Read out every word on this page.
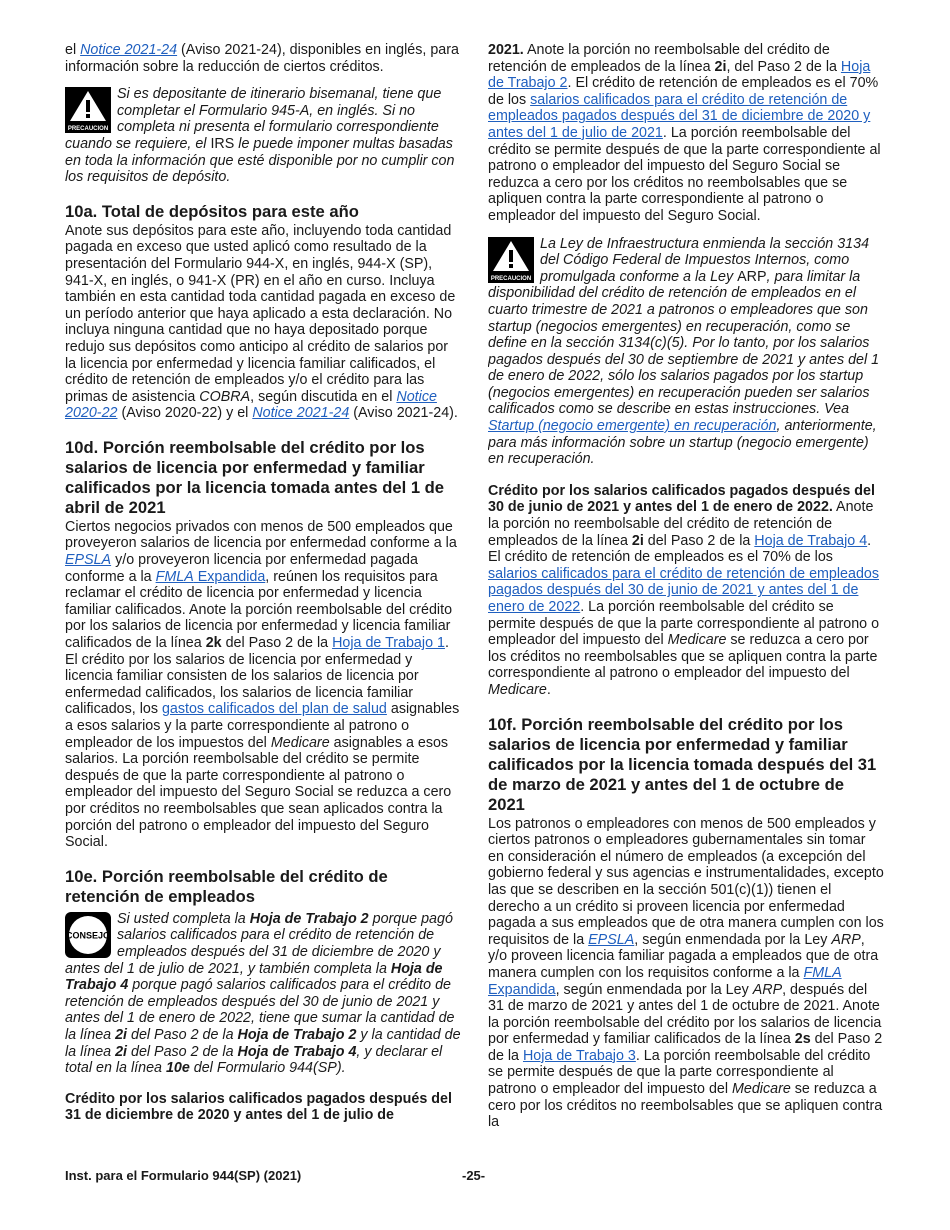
el Notice 2021-24 (Aviso 2021-24), disponibles en inglés, para información sobre la reducción de ciertos créditos.

PRECAUCION

Si es depositante de itinerario bisemanal, tiene que completar el Formulario 945-A, en inglés. Si no completa ni presenta el formulario correspondiente cuando se requiere, el IRS le puede imponer multas basadas en toda la información que esté disponible por no cumplir con los requisitos de depósito.

10a. Total de depósitos para este año

Anote sus depósitos para este año, incluyendo toda cantidad pagada en exceso que usted aplicó como resultado de la presentación del Formulario 944-X, en inglés, 944-X (SP), 941-X, en inglés, o 941-X (PR) en el año en curso. Incluya también en esta cantidad toda cantidad pagada en exceso de un período anterior que haya aplicado a esta declaración. No incluya ninguna cantidad que no haya depositado porque redujo sus depósitos como anticipo al crédito de salarios por la licencia por enfermedad y licencia familiar calificados, el crédito de retención de empleados y/o el crédito para las primas de asistencia COBRA, según discutida en el Notice 2020-22 (Aviso 2020-22) y el Notice 2021-24 (Aviso 2021-24).

10d. Porción reembolsable del crédito por los salarios de licencia por enfermedad y familiar calificados por la licencia tomada antes del 1 de abril de 2021

Ciertos negocios privados con menos de 500 empleados que proveyeron salarios de licencia por enfermedad conforme a la EPSLA y/o proveyeron licencia por enfermedad pagada conforme a la FMLA Expandida, reúnen los requisitos para reclamar el crédito de licencia por enfermedad y licencia familiar calificados. Anote la porción reembolsable del crédito por los salarios de licencia por enfermedad y licencia familiar calificados de la línea 2k del Paso 2 de la Hoja de Trabajo 1. El crédito por los salarios de licencia por enfermedad y licencia familiar consisten de los salarios de licencia por enfermedad calificados, los salarios de licencia familiar calificados, los gastos calificados del plan de salud asignables a esos salarios y la parte correspondiente al patrono o empleador de los impuestos del Medicare asignables a esos salarios. La porción reembolsable del crédito se permite después de que la parte correspondiente al patrono o empleador del impuesto del Seguro Social se reduzca a cero por créditos no reembolsables que sean aplicados contra la porción del patrono o empleador del impuesto del Seguro Social.

10e. Porción reembolsable del crédito de retención de empleados
CONSEJO

Si usted completa la Hoja de Trabajo 2 porque pagó salarios calificados para el crédito de retención de empleados después del 31 de diciembre de 2020 y antes del 1 de julio de 2021, y también completa la Hoja de Trabajo 4 porque pagó salarios calificados para el crédito de retención de empleados después del 30 de junio de 2021 y antes del 1 de enero de 2022, tiene que sumar la cantidad de la línea 2i del Paso 2 de la Hoja de Trabajo 2 y la cantidad de la línea 2i del Paso 2 de la Hoja de Trabajo 4, y declarar el total en la línea 10e del Formulario 944(SP).

Crédito por los salarios calificados pagados después del 31 de diciembre de 2020 y antes del 1 de julio de

2021. Anote la porción no reembolsable del crédito de retención de empleados de la línea 2i, del Paso 2 de la Hoja de Trabajo 2. El crédito de retención de empleados es el 70% de los salarios calificados para el crédito de retención de empleados pagados después del 31 de diciembre de 2020 y antes del 1 de julio de 2021. La porción reembolsable del crédito se permite después de que la parte correspondiente al patrono o empleador del impuesto del Seguro Social se reduzca a cero por los créditos no reembolsables que se apliquen contra la parte correspondiente al patrono o empleador del impuesto del Seguro Social.

PRECAUCION

La Ley de Infraestructura enmienda la sección 3134 del Código Federal de Impuestos Internos, como promulgada conforme a la Ley ARP, para limitar la disponibilidad del crédito de retención de empleados en el cuarto trimestre de 2021 a patronos o empleadores que son startup (negocios emergentes) en recuperación, como se define en la sección 3134(c)(5). Por lo tanto, por los salarios pagados después del 30 de septiembre de 2021 y antes del 1 de enero de 2022, sólo los salarios pagados por los startup (negocios emergentes) en recuperación pueden ser salarios calificados como se describe en estas instrucciones. Vea Startup (negocio emergente) en recuperación, anteriormente, para más información sobre un startup (negocio emergente) en recuperación.

Crédito por los salarios calificados pagados después del 30 de junio de 2021 y antes del 1 de enero de 2022. Anote la porción no reembolsable del crédito de retención de empleados de la línea 2i del Paso 2 de la Hoja de Trabajo 4. El crédito de retención de empleados es el 70% de los salarios calificados para el crédito de retención de empleados pagados después del 30 de junio de 2021 y antes del 1 de enero de 2022. La porción reembolsable del crédito se permite después de que la parte correspondiente al patrono o empleador del impuesto del Medicare se reduzca a cero por los créditos no reembolsables que se apliquen contra la parte correspondiente al patrono o empleador del impuesto del Medicare.

10f. Porción reembolsable del crédito por los salarios de licencia por enfermedad y familiar calificados por la licencia tomada después del 31 de marzo de 2021 y antes del 1 de octubre de 2021

Los patronos o empleadores con menos de 500 empleados y ciertos patronos o empleadores gubernamentales sin tomar en consideración el número de empleados (a excepción del gobierno federal y sus agencias e instrumentalidades, excepto las que se describen en la sección 501(c)(1)) tienen el derecho a un crédito si proveen licencia por enfermedad pagada a sus empleados que de otra manera cumplen con los requisitos de la EPSLA, según enmendada por la Ley ARP, y/o proveen licencia familiar pagada a empleados que de otra manera cumplen con los requisitos conforme a la FMLA Expandida, según enmendada por la Ley ARP, después del 31 de marzo de 2021 y antes del 1 de octubre de 2021. Anote la porción reembolsable del crédito por los salarios de licencia por enfermedad y familiar calificados de la línea 2s del Paso 2 de la Hoja de Trabajo 3. La porción reembolsable del crédito se permite después de que la parte correspondiente al patrono o empleador del impuesto del Medicare se reduzca a cero por los créditos no reembolsables que se apliquen contra la

Inst. para el Formulario 944(SP) (2021)	-25-
